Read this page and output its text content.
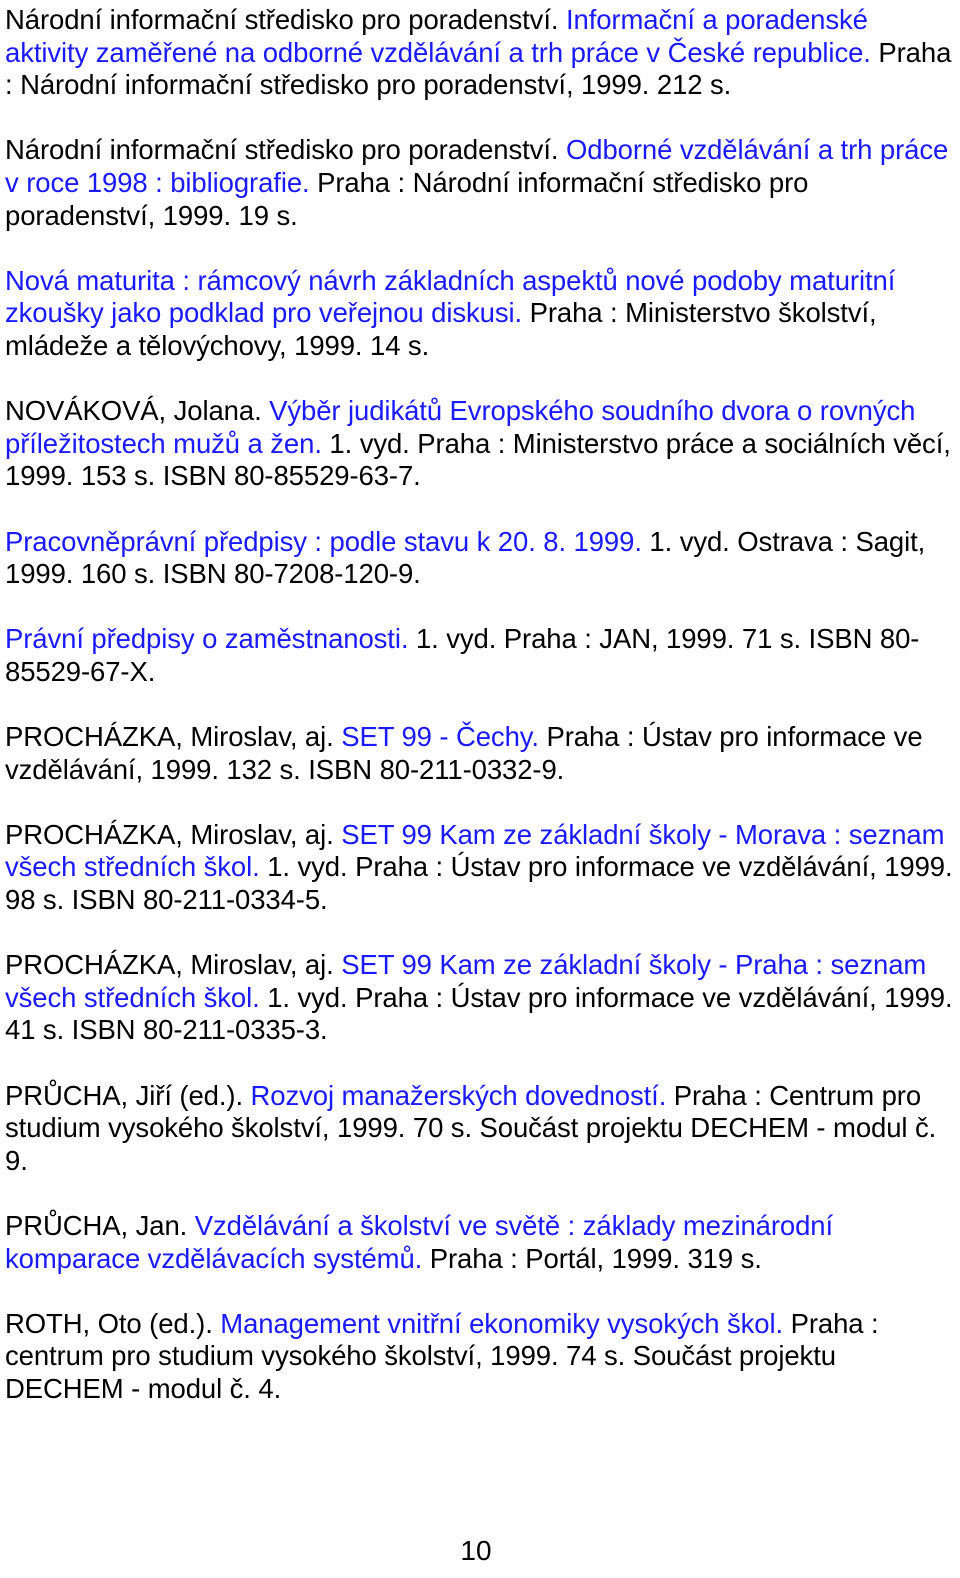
Národní informační středisko pro poradenství. Informační a poradenské aktivity zaměřené na odborné vzdělávání a trh práce v České republice. Praha : Národní informační středisko pro poradenství, 1999. 212 s.

Národní informační středisko pro poradenství. Odborné vzdělávání a trh práce v roce 1998 : bibliografie. Praha : Národní informační středisko pro poradenství, 1999. 19 s.

Nová maturita : rámcový návrh základních aspektů nové podoby maturitní zkoušky jako podklad pro veřejnou diskusi. Praha : Ministerstvo školství, mládeže a tělovýchovy, 1999. 14 s.

NOVÁKOVÁ, Jolana. Výběr judikátů Evropského soudního dvora o rovných příležitostech mužů a žen. 1. vyd. Praha : Ministerstvo práce a sociálních věcí, 1999. 153 s. ISBN 80-85529-63-7.

Pracovněprávní předpisy : podle stavu k 20. 8. 1999. 1. vyd. Ostrava : Sagit, 1999. 160 s. ISBN 80-7208-120-9.

Právní předpisy o zaměstnanosti. 1. vyd. Praha : JAN, 1999. 71 s. ISBN 80-85529-67-X.

PROCHÁZKA, Miroslav, aj. SET 99 - Čechy. Praha : Ústav pro informace ve vzdělávání, 1999. 132 s. ISBN 80-211-0332-9.

PROCHÁZKA, Miroslav, aj. SET 99 Kam ze základní školy - Morava : seznam všech středních škol. 1. vyd. Praha : Ústav pro informace ve vzdělávání, 1999. 98 s. ISBN 80-211-0334-5.

PROCHÁZKA, Miroslav, aj. SET 99 Kam ze základní školy - Praha : seznam všech středních škol. 1. vyd. Praha : Ústav pro informace ve vzdělávání, 1999. 41 s. ISBN 80-211-0335-3.

PRŮCHA, Jiří (ed.). Rozvoj manažerských dovedností. Praha : Centrum pro studium vysokého školství, 1999. 70 s. Součást projektu DECHEM - modul č. 9.

PRŮCHA, Jan. Vzdělávání a školství ve světě : základy mezinárodní komparace vzdělávacích systémů. Praha : Portál, 1999. 319 s.

ROTH, Oto (ed.). Management vnitřní ekonomiky vysokých škol. Praha : centrum pro studium vysokého školství, 1999. 74 s. Součást projektu DECHEM - modul č. 4.

10
